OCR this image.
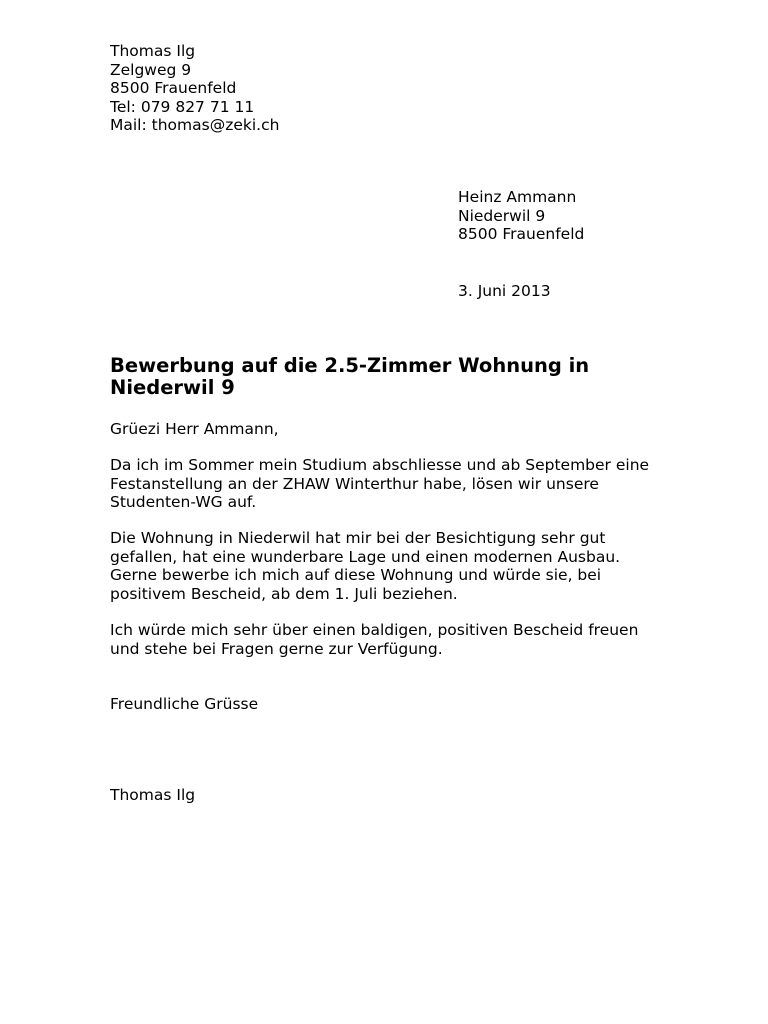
Thomas Ilg
Zelgweg 9
8500 Frauenfeld
Tel: 079 827 71 11
Mail: thomas@zeki.ch
Heinz Ammann
Niederwil 9
8500 Frauenfeld
3. Juni 2013
Bewerbung auf die 2.5-Zimmer Wohnung in
Niederwil 9
Grüezi Herr Ammann,
Da ich im Sommer mein Studium abschliesse und ab September eine
Festanstellung an der ZHAW Winterthur habe, lösen wir unsere
Studenten-WG auf.
Die Wohnung in Niederwil hat mir bei der Besichtigung sehr gut
gefallen, hat eine wunderbare Lage und einen modernen Ausbau.
Gerne bewerbe ich mich auf diese Wohnung und würde sie, bei
positivem Bescheid, ab dem 1. Juli beziehen.
Ich würde mich sehr über einen baldigen, positiven Bescheid freuen
und stehe bei Fragen gerne zur Verfügung.
Freundliche Grüsse
Thomas Ilg
